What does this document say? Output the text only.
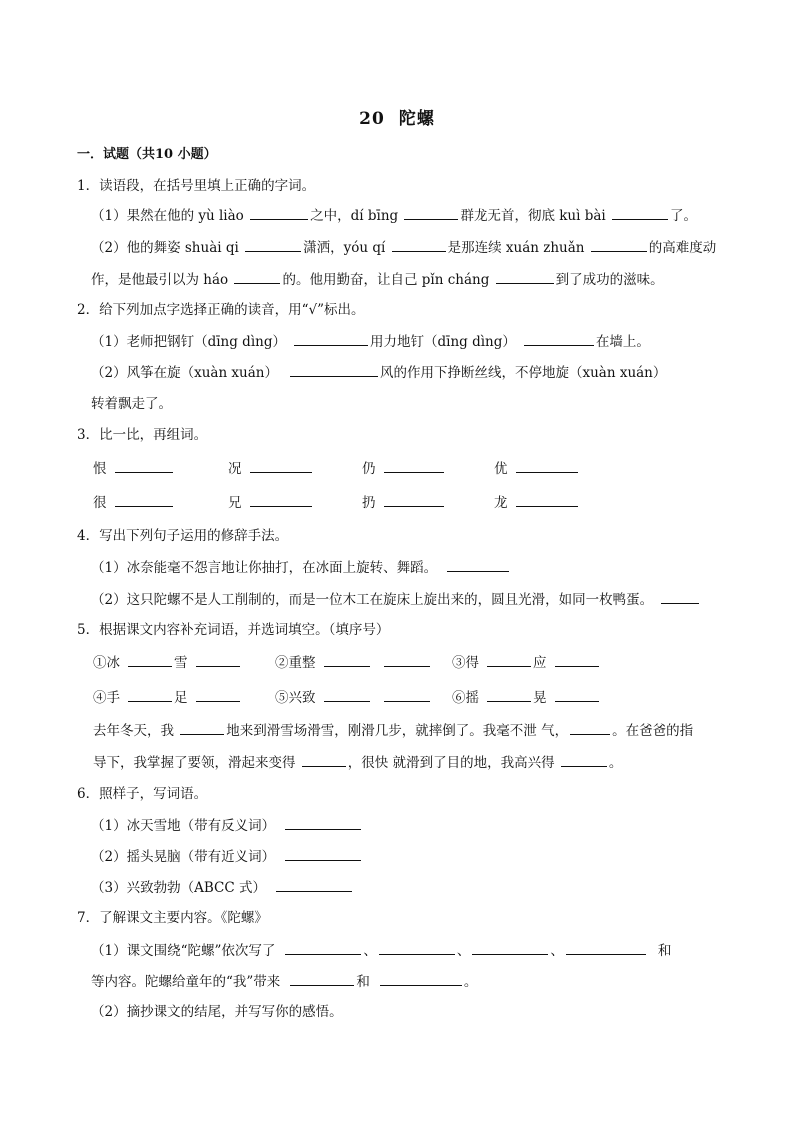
20 陀螺
一．试题（共10 小题）
1．读语段，在括号里填上正确的字词。
（1）果然在他的 yù liào	之中，dí bīng	群龙无首，彻底 kuì bài	了。
（2）他的舞姿 shuài qi	潇洒，yóu qí	是那连续 xuán zhuǎn	的高难度动
作，是他最引以为 háo	的。他用勤奋，让自己 pǐn cháng	到了成功的滋味。
2．给下列加点字选择正确的读音，用“√”标出。
（1）老师把钢钉（dīng dìng）	用力地钉（dīng dìng）	在墙上。
（2）风筝在旋（xuàn xuán）	风的作用下挣断丝线，不停地旋（xuàn xuán）
转着飘走了。
3．比一比，再组词。
恨	况	仍	优
很	兄	扔	龙
4．写出下列句子运用的修辞手法。
（1）冰奈能毫不怨言地让你抽打，在冰面上旋转、舞蹈。
（2）这只陀螺不是人工削制的，而是一位木工在旋床上旋出来的，圆且光滑，如同一枚鸭蛋。
5．根据课文内容补充词语，并选词填空。（填序号）
①冰	雪	②重整	③得	应
④手	足	⑤兴致	⑥摇	晃
去年冬天，我	地来到滑雪场滑雪，刚滑几步，就摔倒了。我毫不泄 气，	。在爸爸的指
导下，我掌握了要领，滑起来变得	，很快 就滑到了目的地，我高兴得	。
6．照样子，写词语。
（1）冰天雪地（带有反义词）
（2）摇头晃脑（带有近义词）
（3）兴致勃勃（ABCC 式）
7．了解课文主要内容。《陀螺》
（1）课文围绕“陀螺”依次写了	、	、	、	和
等内容。陀螺给童年的“我”带来	和	。
（2）摘抄课文的结尾，并写写你的感悟。
